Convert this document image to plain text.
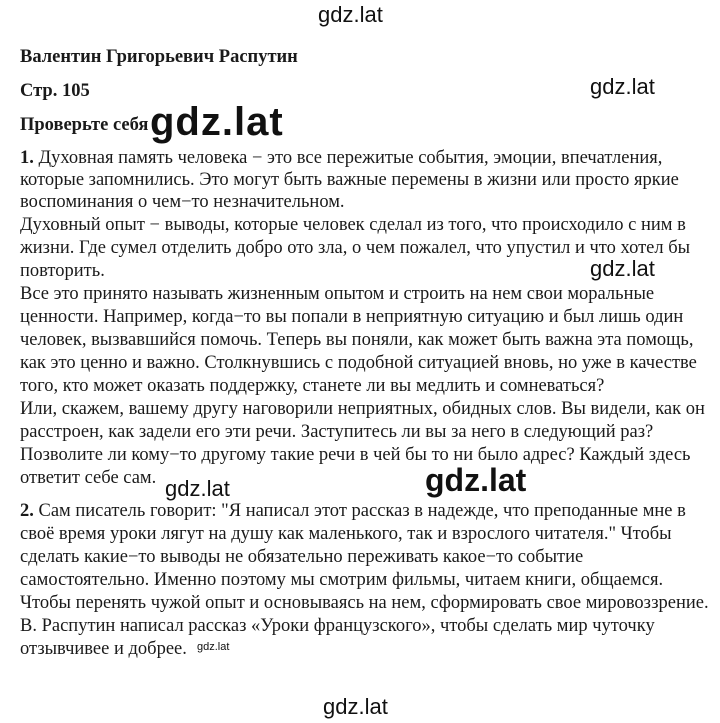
gdz.lat
gdz.lat
gdz.lat
gdz.lat
gdz.lat
Валентин Григорьевич Распутин
Стр. 105
Проверьте себя gdz.lat
1. Духовная память человека − это все пережитые события, эмоции, впечатления,
которые запомнились. Это могут быть важные перемены в жизни или просто яркие
воспоминания о чем−то незначительном.
Духовный опыт − выводы, которые человек сделал из того, что происходило с ним в
жизни. Где сумел отделить добро ото зла, о чем пожалел, что упустил и что хотел бы
повторить.
Все это принято называть жизненным опытом и строить на нем свои моральные
ценности. Например, когда−то вы попали в неприятную ситуацию и был лишь один
человек, вызвавшийся помочь. Теперь вы поняли, как может быть важна эта помощь,
как это ценно и важно. Столкнувшись с подобной ситуацией вновь, но уже в качестве
того, кто может оказать поддержку, станете ли вы медлить и сомневаться?
Или, скажем, вашему другу наговорили неприятных, обидных слов. Вы видели, как он
расстроен, как задели его эти речи. Заступитесь ли вы за него в следующий раз?
Позволите ли кому−то другому такие речи в чей бы то ни было адрес? Каждый здесь
ответит себе сам.	gdz.lat
2. Сам писатель говорит: "Я написал этот рассказ в надежде, что преподанные мне в
своё время уроки лягут на душу как маленького, так и взрослого читателя." Чтобы
сделать какие−то выводы не обязательно переживать какое−то событие
самостоятельно. Именно поэтому мы смотрим фильмы, читаем книги, общаемся.
Чтобы перенять чужой опыт и основываясь на нем, сформировать свое мировоззрение.
В. Распутин написал рассказ «Уроки французского», чтобы сделать мир чуточку
отзывчивее и добрее. gdz.lat
